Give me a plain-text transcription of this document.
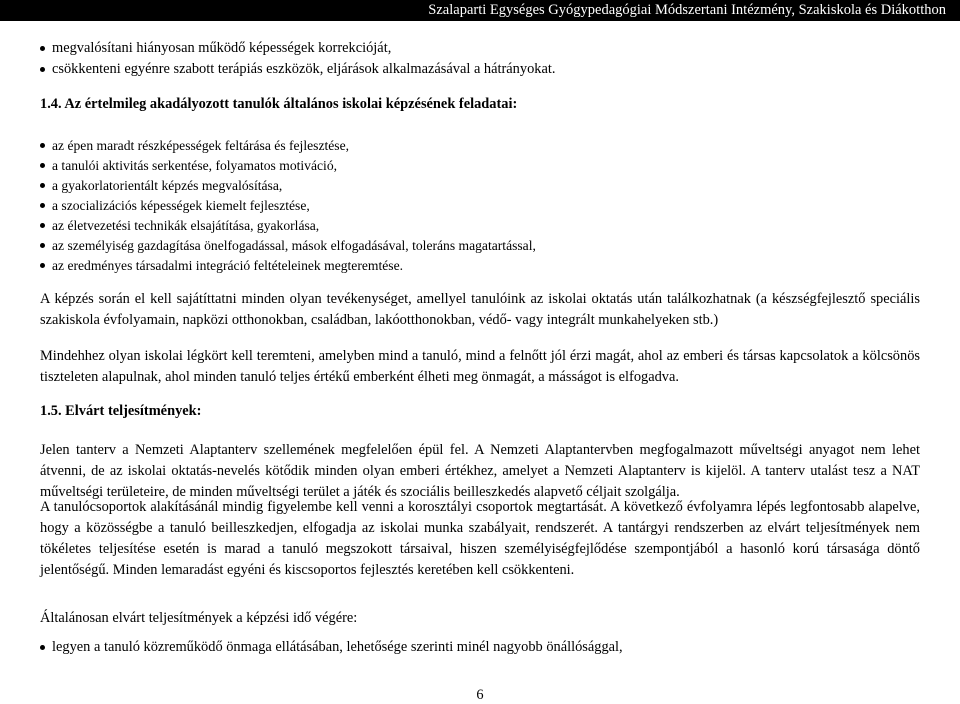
Szalaparti Egységes Gyógypedagógiai Módszertani Intézmény, Szakiskola és Diákotthon
megvalósítani hiányosan működő képességek korrekcióját,
csökkenteni egyénre szabott terápiás eszközök, eljárások alkalmazásával a hátrányokat.

1.4. Az értelmileg akadályozott tanulók általános iskolai képzésének feladatai:

az épen maradt részképességek feltárása és fejlesztése,
a tanulói aktivitás serkentése, folyamatos motiváció,
a gyakorlatorientált képzés megvalósítása,
a szocializációs képességek kiemelt fejlesztése,
az életvezetési technikák elsajátítása, gyakorlása,
az személyiség gazdagítása önelfogadással, mások elfogadásával, toleráns magatartással,
az eredményes társadalmi integráció feltételeinek megteremtése.

A képzés során el kell sajátíttatni minden olyan tevékenységet, amellyel tanulóink az iskolai oktatás után találkozhatnak (a készségfejlesztő speciális szakiskola évfolyamain, napközi otthonokban, családban, lakóotthonokban, védő- vagy integrált munkahelyeken stb.)

Mindehhez olyan iskolai légkört kell teremteni, amelyben mind a tanuló, mind a felnőtt jól érzi magát, ahol az emberi és társas kapcsolatok a kölcsönös tiszteleten alapulnak, ahol minden tanuló teljes értékű emberként élheti meg önmagát, a másságot is elfogadva.

1.5. Elvárt teljesítmények:

Jelen tanterv a Nemzeti Alaptanterv szellemének megfelelően épül fel. A Nemzeti Alaptantervben megfogalmazott műveltségi anyagot nem lehet átvenni, de az iskolai oktatás-nevelés kötődik minden olyan emberi értékhez, amelyet a Nemzeti Alaptanterv is kijelöl. A tanterv utalást tesz a NAT műveltségi területeire, de minden műveltségi terület a játék és szociális beilleszkedés alapvető céljait szolgálja.

A tanulócsoportok alakításánál mindig figyelembe kell venni a korosztályi csoportok megtartását. A következő évfolyamra lépés legfontosabb alapelve, hogy a közösségbe a tanuló beilleszkedjen, elfogadja az iskolai munka szabályait, rendszerét. A tantárgyi rendszerben az elvárt teljesítmények nem tökéletes teljesítése esetén is marad a tanuló megszokott társaival, hiszen személyiségfejlődése szempontjából a hasonló korú társasága döntő jelentőségű. Minden lemaradást egyéni és kiscsoportos fejlesztés keretében kell csökkenteni.

Általánosan elvárt teljesítmények a képzési idő végére:

legyen a tanuló közreműködő önmaga ellátásában, lehetősége szerinti minél nagyobb önállósággal,
6
